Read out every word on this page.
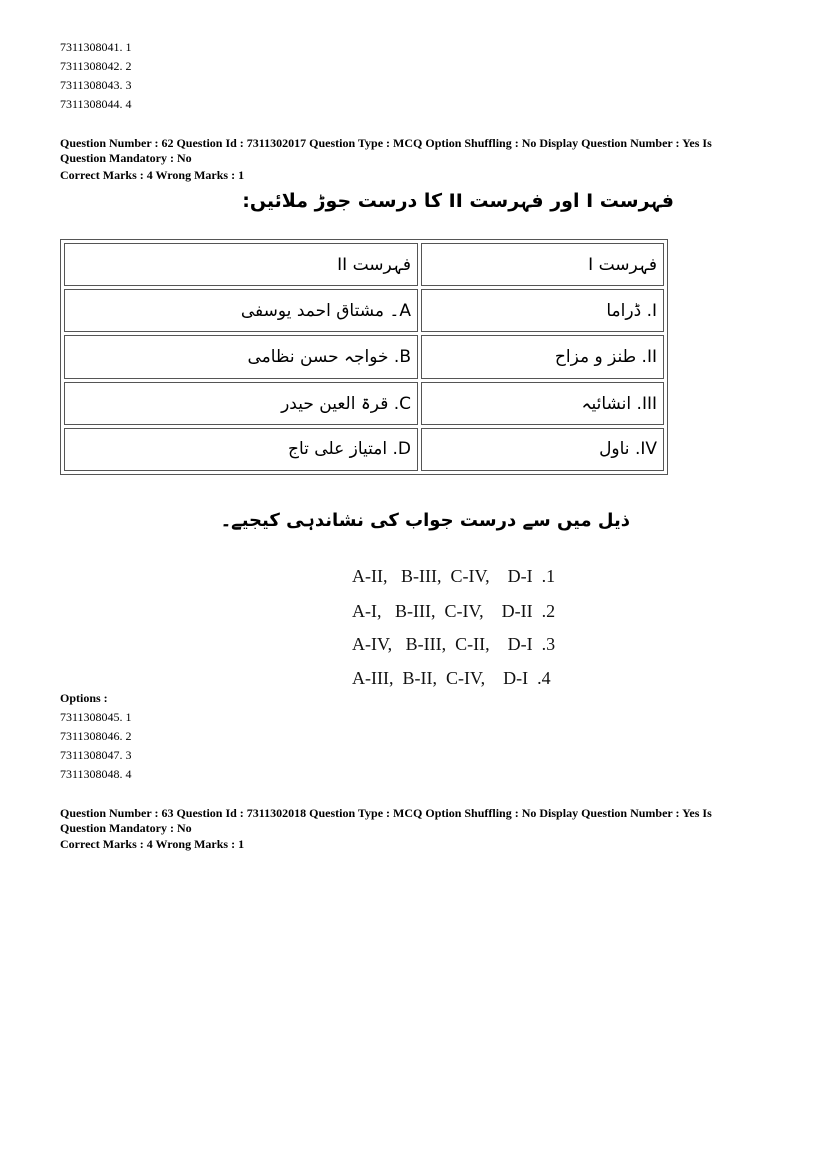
7311308041. 1
7311308042. 2
7311308043. 3
7311308044. 4
Question Number : 62 Question Id : 7311302017 Question Type : MCQ Option Shuffling : No Display Question Number : Yes Is Question Mandatory : No
Correct Marks : 4 Wrong Marks : 1
فہرست I اور فہرست II کا درست جوڑ ملائیں:
فہرست II	فہرست I
A۔ مشتاق احمد یوسفی	I. ڈراما
B. خواجہ حسن نظامی	II. طنز و مزاح
C. قرۃ العین حیدر	III. انشائیہ
D. امتیاز علی تاج	IV. ناول
ذیل میں سے درست جواب کی نشاندہی کیجیے۔
A-II,   B-III,  C-IV,    D-I  .1
A-I,   B-III,  C-IV,    D-II  .2
A-IV,   B-III,  C-II,    D-I  .3
A-III,  B-II,  C-IV,    D-I  .4
Options :
7311308045. 1
7311308046. 2
7311308047. 3
7311308048. 4
Question Number : 63 Question Id : 7311302018 Question Type : MCQ Option Shuffling : No Display Question Number : Yes Is Question Mandatory : No
Correct Marks : 4 Wrong Marks : 1
